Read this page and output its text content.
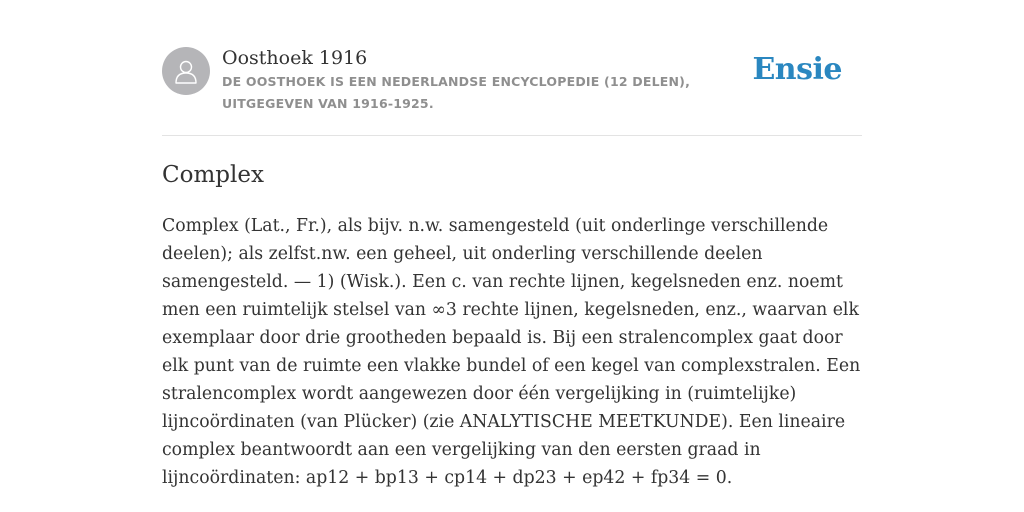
Oosthoek 1916

DE OOSTHOEK IS EEN NEDERLANDSE ENCYCLOPEDIE (12 DELEN), UITGEGEVEN VAN 1916-1925.

Ensie
Complex

Complex (Lat., Fr.), als bijv. n.w. samengesteld (uit onderlinge verschillende deelen); als zelfst.nw. een geheel, uit onderling verschillende deelen samengesteld. — 1) (Wisk.). Een c. van rechte lijnen, kegelsneden enz. noemt men een ruimtelijk stelsel van ∞3 rechte lijnen, kegelsneden, enz., waarvan elk exemplaar door drie grootheden bepaald is. Bij een stralencomplex gaat door elk punt van de ruimte een vlakke bundel of een kegel van complexstralen. Een stralencomplex wordt aangewezen door één vergelijking in (ruimtelijke) lijncoördinaten (van Plücker) (zie ANALYTISCHE MEETKUNDE). Een lineaire complex beantwoordt aan een vergelijking van den eersten graad in lijncoördinaten: ap12 + bp13 + cp14 + dp23 + ep42 + fp34 = 0.
